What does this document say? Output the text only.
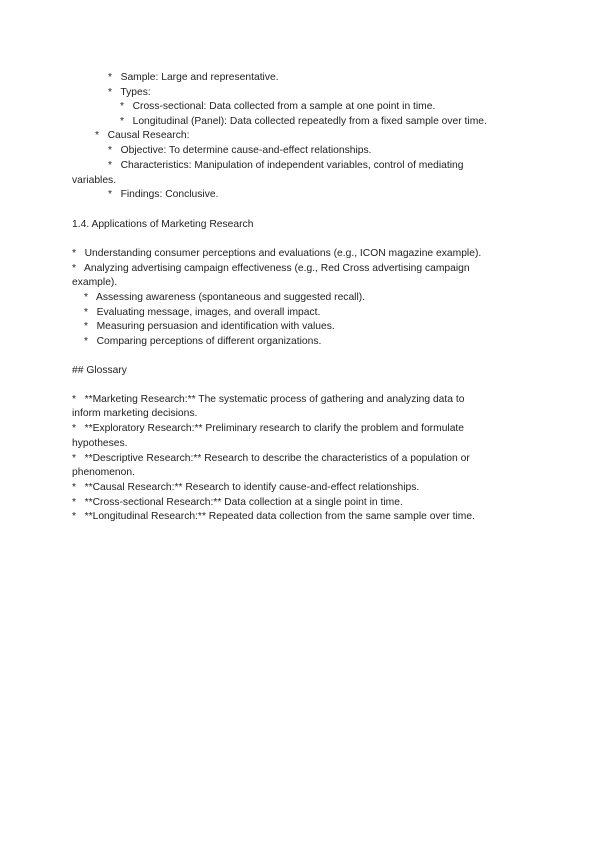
*   Sample: Large and representative.
*   Types:
*   Cross-sectional: Data collected from a sample at one point in time.
*   Longitudinal (Panel): Data collected repeatedly from a fixed sample over time.
*   Causal Research:
*   Objective: To determine cause-and-effect relationships.
*   Characteristics: Manipulation of independent variables, control of mediating
variables.
*   Findings: Conclusive.
1.4. Applications of Marketing Research
*   Understanding consumer perceptions and evaluations (e.g., ICON magazine example).
*   Analyzing advertising campaign effectiveness (e.g., Red Cross advertising campaign
example).
*   Assessing awareness (spontaneous and suggested recall).
*   Evaluating message, images, and overall impact.
*   Measuring persuasion and identification with values.
*   Comparing perceptions of different organizations.
## Glossary
*   **Marketing Research:** The systematic process of gathering and analyzing data to
inform marketing decisions.
*   **Exploratory Research:** Preliminary research to clarify the problem and formulate
hypotheses.
*   **Descriptive Research:** Research to describe the characteristics of a population or
phenomenon.
*   **Causal Research:** Research to identify cause-and-effect relationships.
*   **Cross-sectional Research:** Data collection at a single point in time.
*   **Longitudinal Research:** Repeated data collection from the same sample over time.
